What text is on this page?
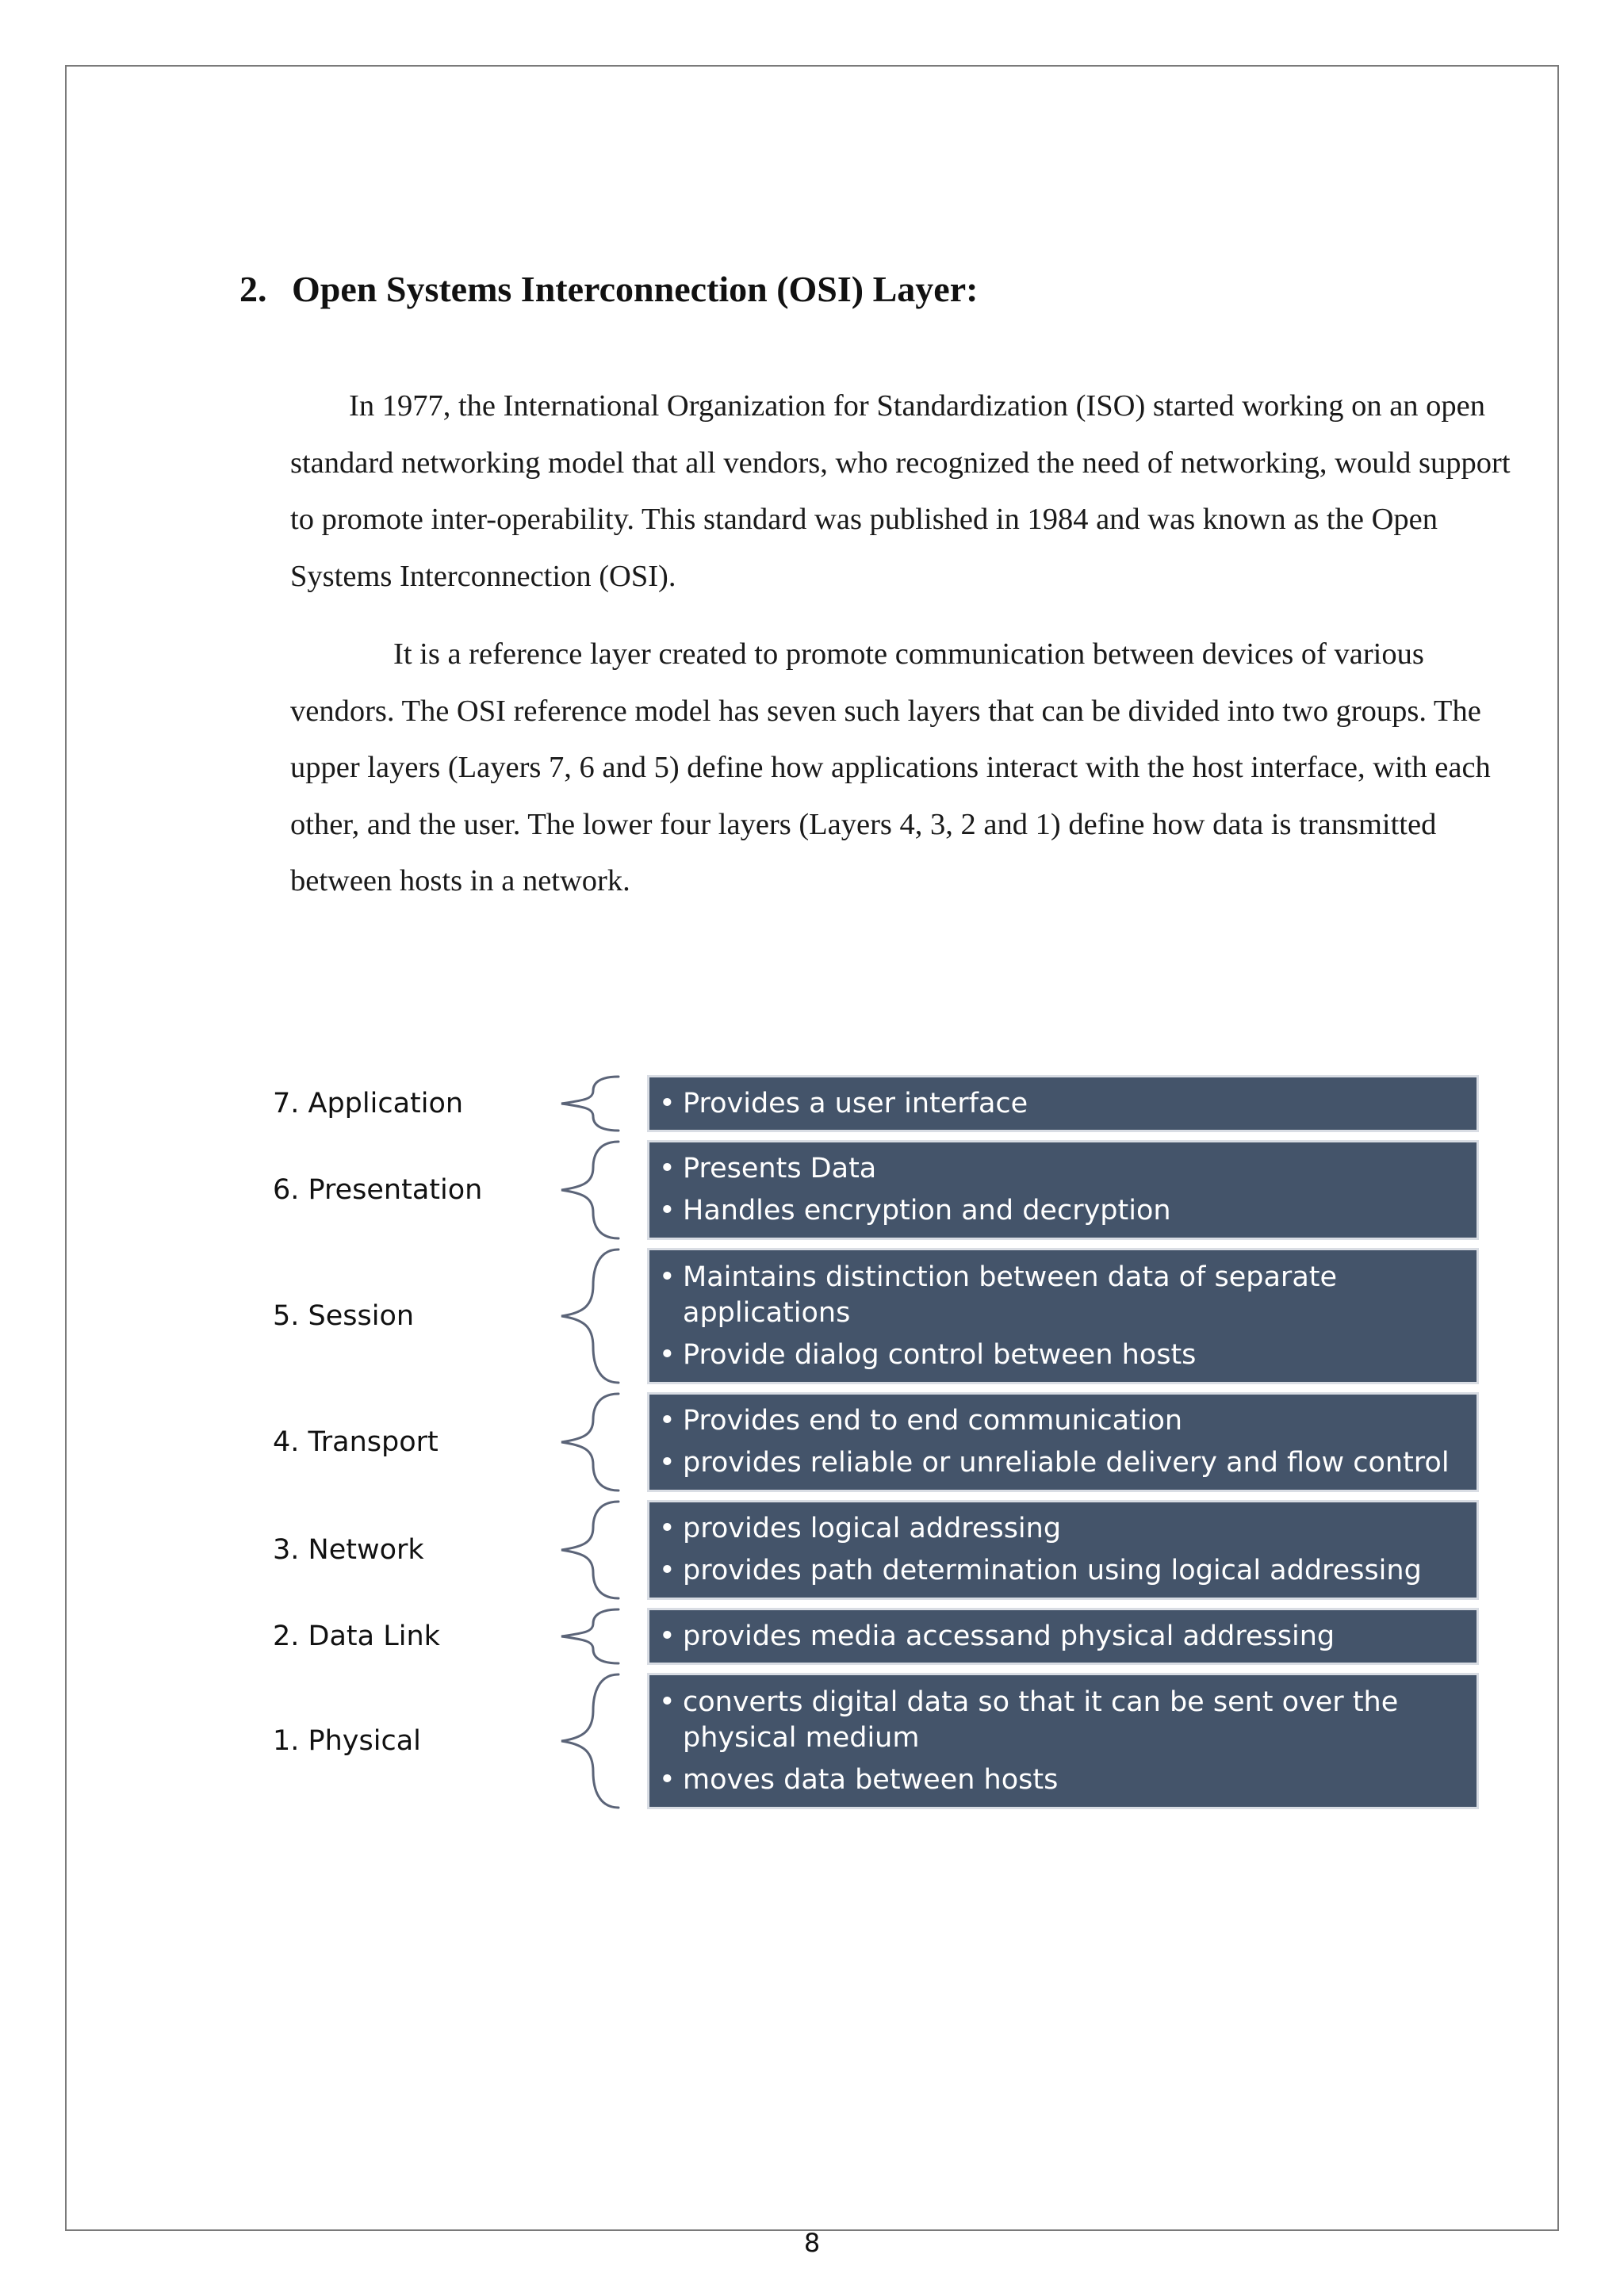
2. Open Systems Interconnection (OSI) Layer:

In 1977, the International Organization for Standardization (ISO) started working on an open standard networking model that all vendors, who recognized the need of networking, would support to promote inter-operability. This standard was published in 1984 and was known as the Open Systems Interconnection (OSI).

It is a reference layer created to promote communication between devices of various vendors. The OSI reference model has seven such layers that can be divided into two groups. The upper layers (Layers 7, 6 and 5) define how applications interact with the host interface, with each other, and the user. The lower four layers (Layers 4, 3, 2 and 1) define how data is transmitted between hosts in a network.

7. Application	• Provides a user interface
6. Presentation
• Presents Data
• Handles encryption and decryption
5. Session
• Maintains distinction between data of separate applications
• Provide dialog control between hosts
4. Transport
• Provides end to end communication
• provides reliable or unreliable delivery and flow control
3. Network
• provides logical addressing
• provides path determination using logical addressing
2. Data Link	• provides media accessand physical addressing
1. Physical
• converts digital data so that it can be sent over the physical medium
• moves data between hosts
8
